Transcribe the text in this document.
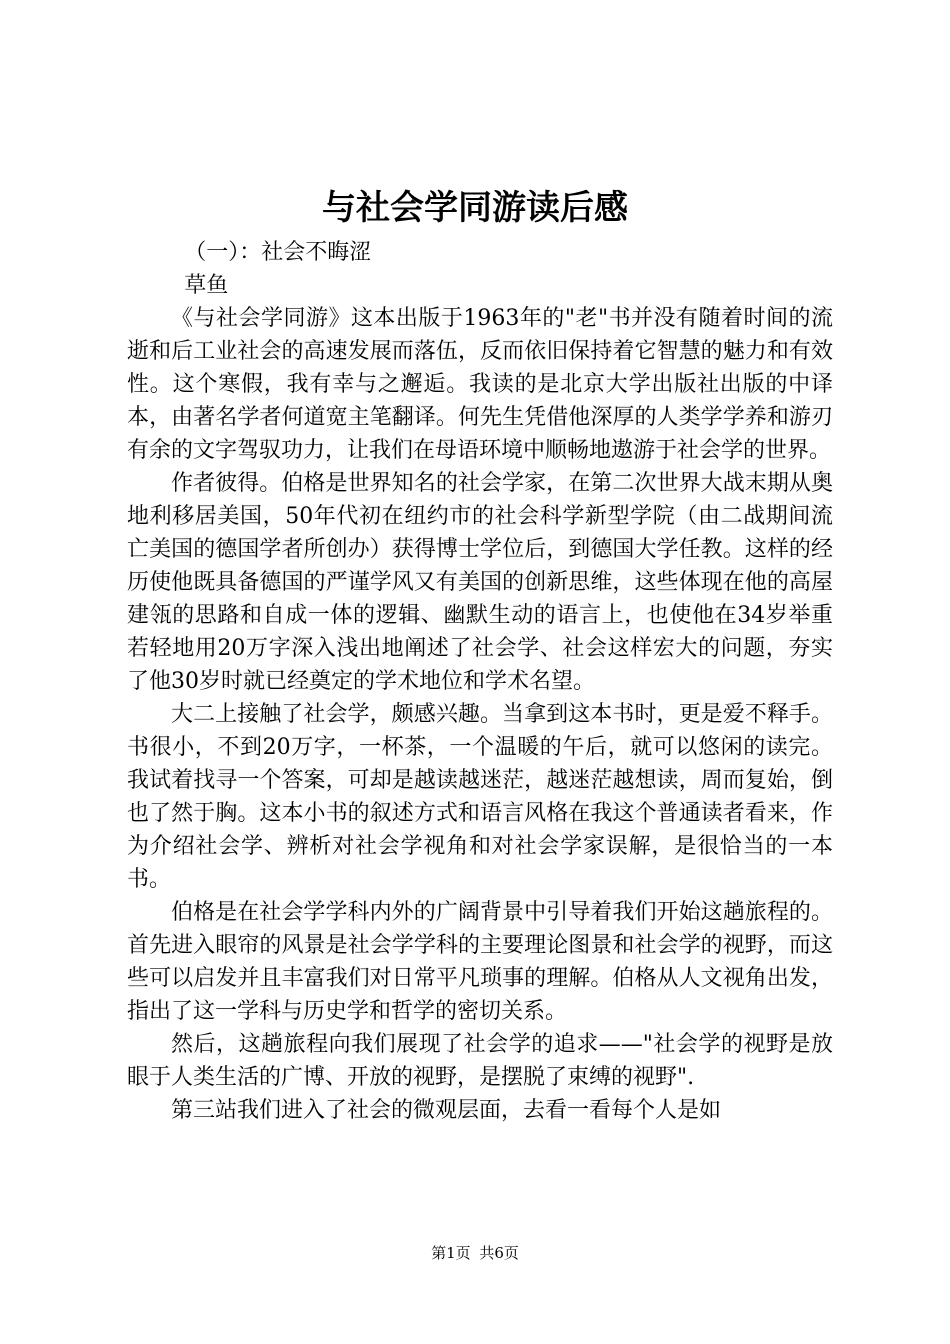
与社会学同游读后感

（一）：社会不晦涩

草鱼

《与社会学同游》这本出版于1963年的"老"书并没有随着时间的流逝和后工业社会的高速发展而落伍，反而依旧保持着它智慧的魅力和有效性。这个寒假，我有幸与之邂逅。我读的是北京大学出版社出版的中译本，由著名学者何道宽主笔翻译。何先生凭借他深厚的人类学学养和游刃有余的文字驾驭功力，让我们在母语环境中顺畅地遨游于社会学的世界。

作者彼得。伯格是世界知名的社会学家，在第二次世界大战末期从奥地利移居美国，50年代初在纽约市的社会科学新型学院（由二战期间流亡美国的德国学者所创办）获得博士学位后，到德国大学任教。这样的经历使他既具备德国的严谨学风又有美国的创新思维，这些体现在他的高屋建瓴的思路和自成一体的逻辑、幽默生动的语言上，也使他在34岁举重若轻地用20万字深入浅出地阐述了社会学、社会这样宏大的问题，夯实了他30岁时就已经奠定的学术地位和学术名望。

大二上接触了社会学，颇感兴趣。当拿到这本书时，更是爱不释手。书很小，不到20万字，一杯茶，一个温暖的午后，就可以悠闲的读完。我试着找寻一个答案，可却是越读越迷茫，越迷茫越想读，周而复始，倒也了然于胸。这本小书的叙述方式和语言风格在我这个普通读者看来，作为介绍社会学、辨析对社会学视角和对社会学家误解，是很恰当的一本书。

伯格是在社会学学科内外的广阔背景中引导着我们开始这趟旅程的。首先进入眼帘的风景是社会学学科的主要理论图景和社会学的视野，而这些可以启发并且丰富我们对日常平凡琐事的理解。伯格从人文视角出发，指出了这一学科与历史学和哲学的密切关系。

然后，这趟旅程向我们展现了社会学的追求——"社会学的视野是放眼于人类生活的广博、开放的视野，是摆脱了束缚的视野".

第三站我们进入了社会的微观层面，去看一看每个人是如

第1页 共6页
